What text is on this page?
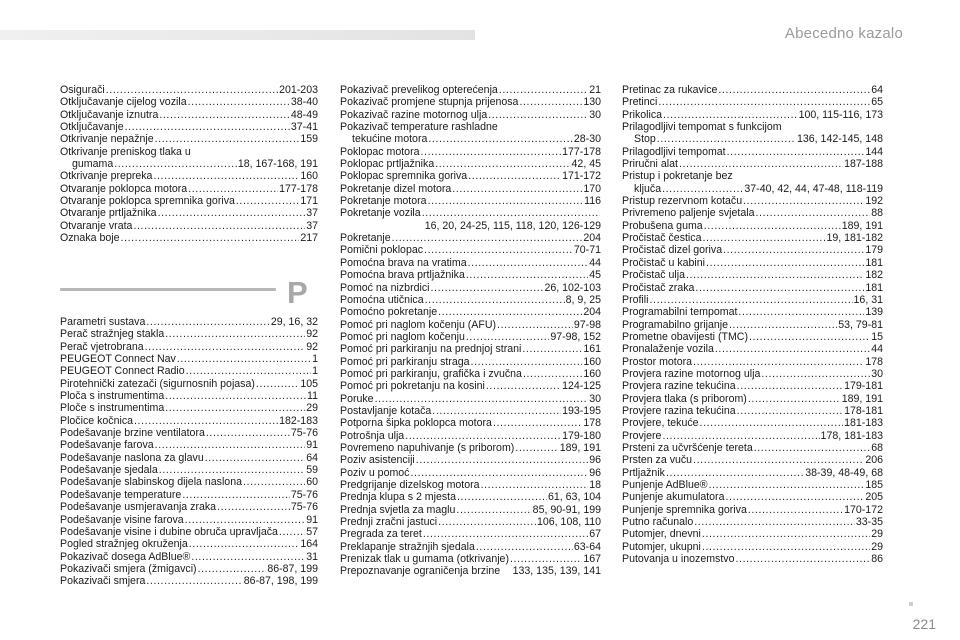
Abecedno kazalo
Osigurači .....	201-203
Otključavanje cijelog vozila .....	38-40
Otključavanje iznutra .....	48-49
Otključavanje .....	37-41
Otkrivanje nepažnje .....	159
Otkrivanje preniskog tlaka u
gumama .....	18, 167-168, 191
Otkrivanje prepreka .....	160
Otvaranje poklopca motora .....	177-178
Otvaranje poklopca spremnika goriva .....	171
Otvaranje prtljažnika .....	37
Otvaranje vrata .....	37
Oznaka boje .....	217
P
Parametri sustava .....	29, 16, 32
Perač stražnjeg stakla .....	92
Perač vjetrobrana .....	92
PEUGEOT Connect Nav .....	1
PEUGEOT Connect Radio .....	1
Pirotehnički zatezači (sigurnosnih pojasa) .....	105
Ploča s instrumentima .....	11
Ploče s instrumentima .....	29
Pločice kočnica .....	182-183
Podešavanje brzine ventilatora .....	75-76
Podešavanje farova .....	91
Podešavanje naslona za glavu .....	64
Podešavanje sjedala .....	59
Podešavanje slabinskog dijela naslona .....	60
Podešavanje temperature .....	75-76
Podešavanje usmjeravanja zraka .....	75-76
Podešavanje visine farova .....	91
Podešavanje visine i dubine obruča upravljača .....	57
Pogled stražnjeg okruženja .....	164
Pokazivač dosega AdBlue® .....	31
Pokazivači smjera (žmigavci) .....	86-87, 199
Pokazivači smjera .....	86-87, 198, 199
Pokazivač prevelikog opterećenja .....	21
Pokazivač promjene stupnja prijenosa .....	130
Pokazivač razine motornog ulja .....	30
Pokazivač temperature rashladne
tekućine motora .....	28-30
Poklopac motora .....	177-178
Poklopac prtljažnika .....	42, 45
Poklopac spremnika goriva .....	171-172
Pokretanje dizel motora .....	170
Pokretanje motora .....	116
Pokretanje vozila
.....
16, 20, 24-25, 115, 118, 120, 126-129
Pokretanje .....	204
Pomični poklopac .....	70-71
Pomoćna brava na vratima .....	44
Pomoćna brava prtljažnika .....	45
Pomoć na nizbrdici .....	26, 102-103
Pomoćna utičnica .....	8, 9, 25
Pomoćno pokretanje .....	204
Pomoć pri naglom kočenju (AFU) .....	97-98
Pomoć pri naglom kočenju .....	97-98, 152
Pomoć pri parkiranju na prednjoj strani .....	161
Pomoć pri parkiranju straga .....	160
Pomoć pri parkiranju, grafička i zvučna .....	160
Pomoć pri pokretanju na kosini .....	124-125
Poruke .....	30
Postavljanje kotača .....	193-195
Potporna šipka poklopca motora .....	178
Potrošnja ulja .....	179-180
Povremeno napuhivanje (s priborom) .....	189, 191
Poziv asistenciji .....	96
Poziv u pomoć .....	96
Predgrijanje dizelskog motora .....	18
Prednja klupa s 2 mjesta .....	61, 63, 104
Prednja svjetla za maglu .....	85, 90-91, 199
Prednji zračni jastuci .....	106, 108, 110
Pregrada za teret .....	67
Preklapanje stražnjih sjedala .....	63-64
Prenizak tlak u gumama (otkrivanje) .....	167
Prepoznavanje ograničenja brzine 133, 135, 139, 141
Pretinac za rukavice .....	64
Pretinci .....	65
Prikolica .....	100, 115-116, 173
Prilagodljivi tempomat s funkcijom
Stop .....	136, 142-145, 148
Prilagodljivi tempomat .....	144
Priručni alat .....	187-188
Pristup i pokretanje bez
ključa .....	37-40, 42, 44, 47-48, 118-119
Pristup rezervnom kotaču .....	192
Privremeno paljenje svjetala .....	88
Probušena guma .....	189, 191
Pročistač čestica .....	19, 181-182
Pročistač dizel goriva .....	179
Pročistač u kabini .....	181
Pročistač ulja .....	182
Pročistač zraka .....	181
Profili .....	16, 31
Programabilni tempomat .....	139
Programabilno grijanje .....	53, 79-81
Prometne obavijesti (TMC) .....	15
Pronalaženje vozila .....	44
Prostor motora .....	178
Provjera razine motornog ulja .....	30
Provjera razine tekućina .....	179-181
Provjera tlaka (s priborom) .....	189, 191
Provjere razina tekućina .....	178-181
Provjere, tekuće .....	181-183
Provjere .....	178, 181-183
Prsteni za učvršćenje tereta .....	68
Prsten za vuču .....	206
Prtljažnik .....	38-39, 48-49, 68
Punjenje AdBlue® .....	185
Punjenje akumulatora .....	205
Punjenje spremnika goriva .....	170-172
Putno računalo .....	33-35
Putomjer, dnevni .....	29
Putomjer, ukupni .....	29
Putovanja u inozemstvo .....	86
221
